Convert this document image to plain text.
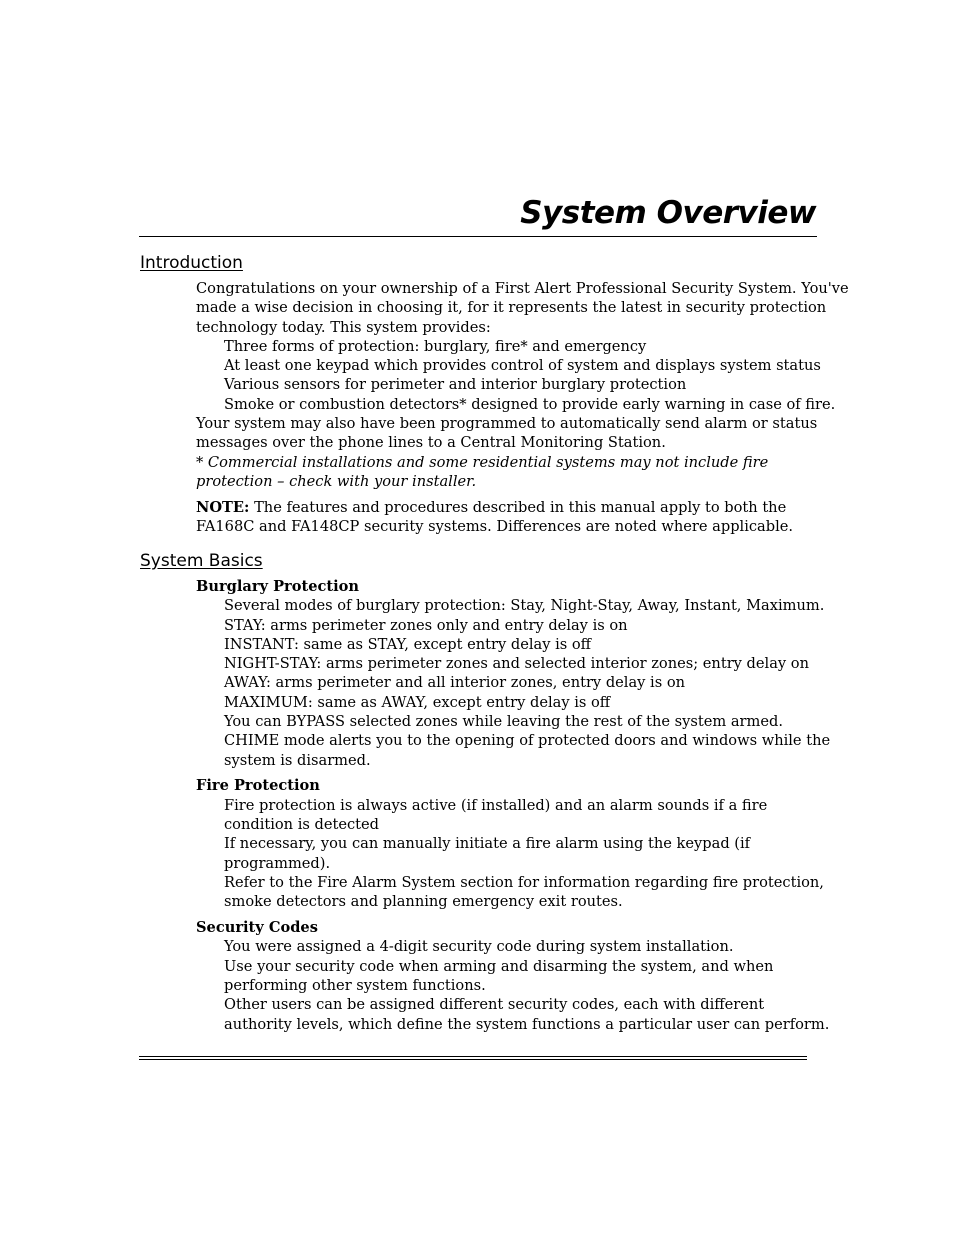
System Overview
Introduction
Congratulations on your ownership of a First Alert Professional Security System. You've
made a wise decision in choosing it, for it represents the latest in security protection
technology today. This system provides:
Three forms of protection: burglary, fire* and emergency
At least one keypad which provides control of system and displays system status
Various sensors for perimeter and interior burglary protection
Smoke or combustion detectors* designed to provide early warning in case of fire.
Your system may also have been programmed to automatically send alarm or status
messages over the phone lines to a Central Monitoring Station.
* Commercial installations and some residential systems may not include fire
protection – check with your installer.
NOTE: The features and procedures described in this manual apply to both the
FA168C and FA148CP security systems. Differences are noted where applicable.
System Basics
Burglary Protection
Several modes of burglary protection: Stay, Night-Stay, Away, Instant, Maximum.
STAY: arms perimeter zones only and entry delay is on
INSTANT: same as STAY, except entry delay is off
NIGHT-STAY: arms perimeter zones and selected interior zones; entry delay on
AWAY: arms perimeter and all interior zones, entry delay is on
MAXIMUM: same as AWAY, except entry delay is off
You can BYPASS selected zones while leaving the rest of the system armed.
CHIME mode alerts you to the opening of protected doors and windows while the
system is disarmed.
Fire Protection
Fire protection is always active (if installed) and an alarm sounds if a fire
condition is detected
If necessary, you can manually initiate a fire alarm using the keypad (if
programmed).
Refer to the Fire Alarm System section for information regarding fire protection,
smoke detectors and planning emergency exit routes.
Security Codes
You were assigned a 4-digit security code during system installation.
Use your security code when arming and disarming the system, and when
performing other system functions.
Other users can be assigned different security codes, each with different
authority levels, which define the system functions a particular user can perform.
